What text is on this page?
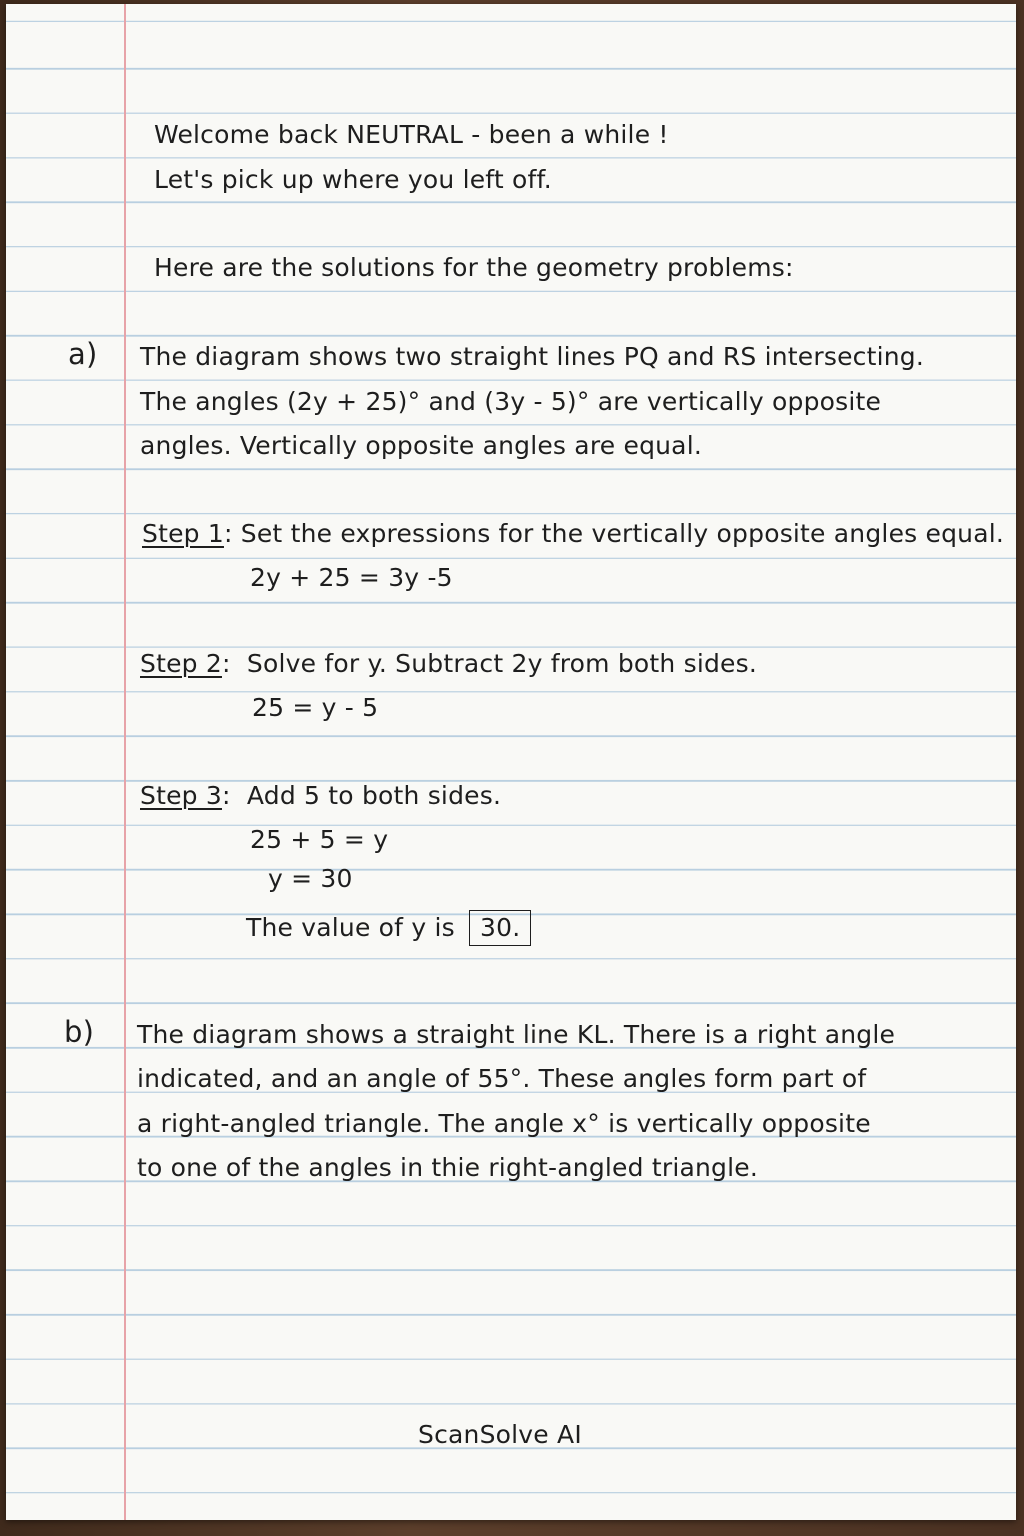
Welcome back NEUTRAL - been a while !
Let's pick up where you left off.
Here are the solutions for the geometry problems:
a) The diagram shows two straight lines PQ and RS intersecting.
The angles (2y + 25)° and (3y - 5)° are vertically opposite
angles. Vertically opposite angles are equal.
Step 1: Set the expressions for the vertically opposite angles equal.
2y + 25 = 3y -5
Step 2:  Solve for y. Subtract 2y from both sides.
25 = y - 5
Step 3:  Add 5 to both sides.
25 + 5 = y
y = 30
The value of y is 30.
b) The diagram shows a straight line KL. There is a right angle
indicated, and an angle of 55°. These angles form part of
a right-angled triangle. The angle x° is vertically opposite
to one of the angles in thie right-angled triangle.
ScanSolve AI
